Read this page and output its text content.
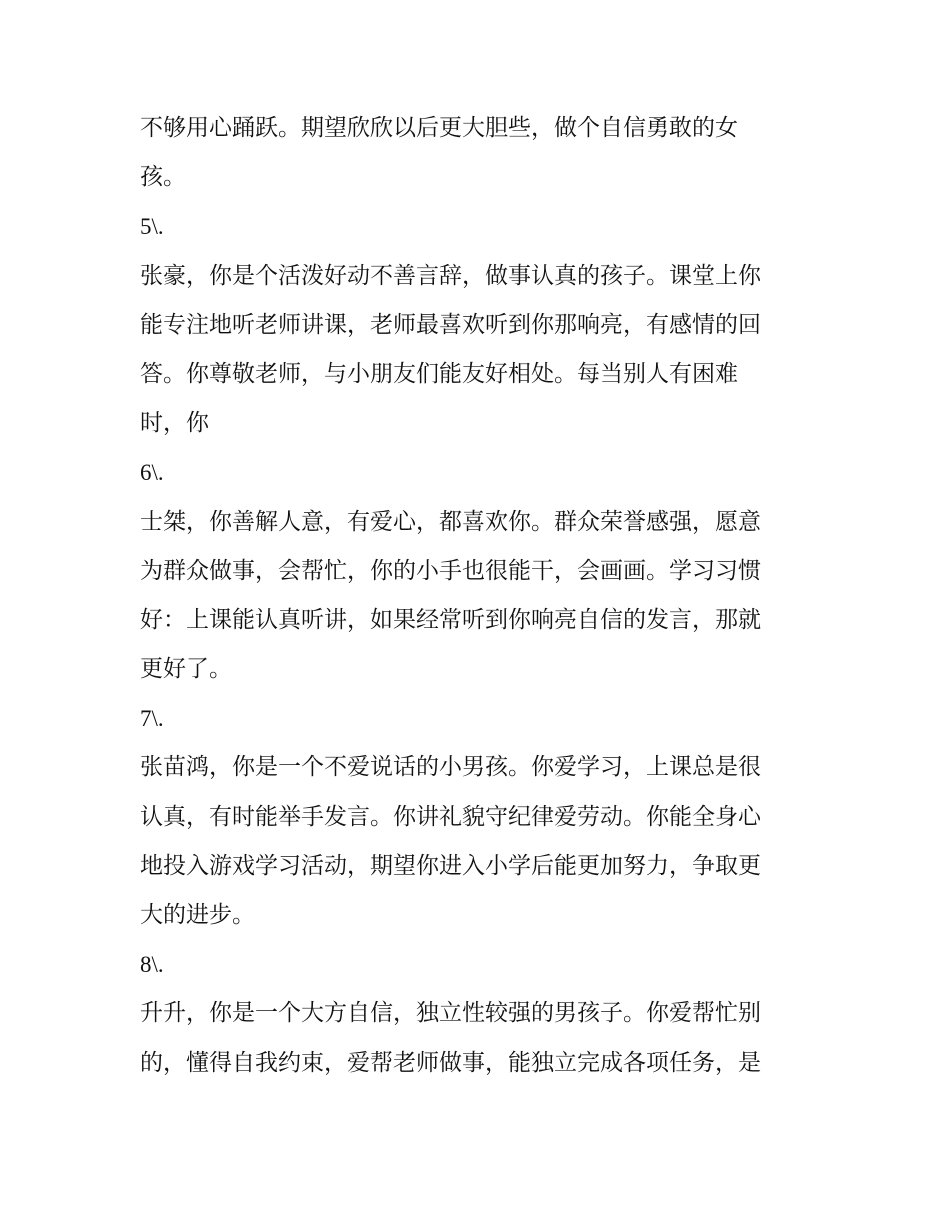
不够用心踊跃。期望欣欣以后更大胆些，做个自信勇敢的女
孩。
5\.
张豪，你是个活泼好动不善言辞，做事认真的孩子。课堂上你
能专注地听老师讲课，老师最喜欢听到你那响亮，有感情的回
答。你尊敬老师，与小朋友们能友好相处。每当别人有困难
时，你
6\.
士桀，你善解人意，有爱心，都喜欢你。群众荣誉感强，愿意
为群众做事，会帮忙，你的小手也很能干，会画画。学习习惯
好：上课能认真听讲，如果经常听到你响亮自信的发言，那就
更好了。
7\.
张苗鸿，你是一个不爱说话的小男孩。你爱学习，上课总是很
认真，有时能举手发言。你讲礼貌守纪律爱劳动。你能全身心
地投入游戏学习活动，期望你进入小学后能更加努力，争取更
大的进步。
8\.
升升，你是一个大方自信，独立性较强的男孩子。你爱帮忙别
的，懂得自我约束，爱帮老师做事，能独立完成各项任务，是
